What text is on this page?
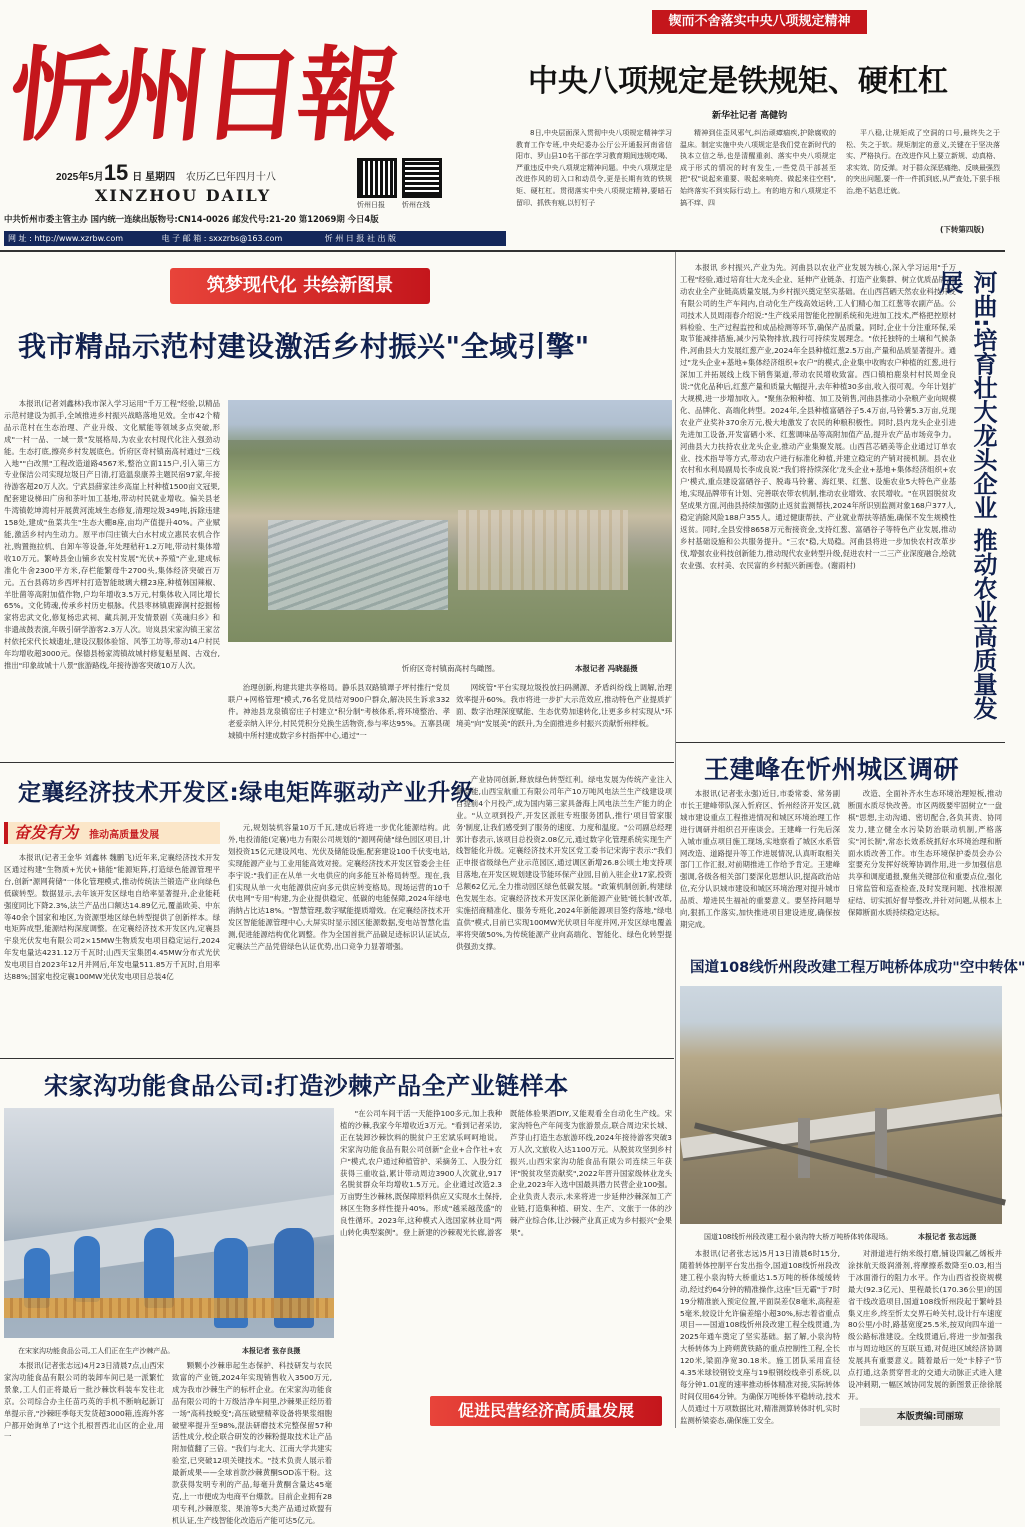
忻州日報
2025年5月15 日 星期四 农历乙巳年四月十八
XINZHOU DAILY	忻州日报 忻州在线
中共忻州市委主管主办 国内统一连续出版物号:CN14-0026 邮发代号:21-20 第12069期 今日4版
网 址 : http://www.xzrbw.com	电 子 邮 箱 : sxxzrbs@163.com	忻 州 日 报 社 出 版
锲而不舍落实中央八项规定精神
中央八项规定是铁规矩、硬杠杠
新华社记者 高健钧
8日,中央层面深入贯彻中央八项规定精神学习教育工作专班,中央纪委办公厅公开通报河南省信阳市、罗山县10名干部在学习教育期间违规吃喝、严重违反中央八项规定精神问题。中央八项规定是改进作风的切入口和动员令,更是长期有效的铁规矩、硬杠杠。贯彻落实中央八项规定精神,要暗石留印、抓铁有痕,以钉钉子
精神到住歪风邪气,纠治顽瘴痼疾,护除腐败的温床。制定实施中央八项规定是我们党在新时代的执本立信之举,也是清醒重刹、落实中央八项规定成于形式的情况的时有发生,一些党员干部甚至把"权"说起来重要、吸起来响亮、做起来往空档",始终落实不到实际行动上。有的地方和八项规定不搞不痒、四
平八稳,让规矩成了空洞的口号,最终失之于松、失之于软。规矩制定的意义,关键在于坚决落实、严格执行。在改进作风上要立新规、动真格、求实效、防反弹。对于群众深恶痛绝、反映最强烈的突出问题,要一件一件抓到底,从严查处,下狠手根治,绝不姑息迁就。
(下转第四版)
筑梦现代化 共绘新图景
我市精品示范村建设激活乡村振兴"全域引擎"
本报讯(记者刘鑫林)我市深入学习运用"千万工程"经验,以精品示范村建设为抓手,全域推进乡村振兴战略落地见效。全市42个精品示范村在生态治理、产业升级、文化赋能等领域多点突破,形成"一村一品、一域一景"发展格局,为农业农村现代化注入强劲动能。生态打底,擦亮乡村发展底色。忻府区奇村镇南高村通过"三线入地""白改黑"工程改造道路4567米,整治立面115户,引入第三方专业保洁公司实现垃圾日产日清,打造温泉康养主题民宿97家,年接待游客超20万人次。宁武县薛家洼乡高崖上村种植1500亩文冠果,配套建设梯田广房和茶叶加工基地,带动村民就业增收。偏关县老牛湾镇乾坤湾村开展黄河流域生态修复,清理垃圾349吨,拆除违建158处,建成"鱼菜共生"生态大棚8座,亩均产值提升40%。产业赋能,激活乡村内生动力。原平市闫庄镇大白水村成立惠民农机合作社,购置拖拉机、自卸车等设备,年处理秸秆1.2万吨,带动村集体增收10万元。繁峙县金山铺乡农发村发展"光伏+养殖"产业,建成标准化牛舍2300平方米,存栏能繁母牛2700头,集体经济突破百万元。五台县蒋坊乡西坪村打造智能玻璃大棚23座,种植韩国辣椒、羊肚菌等高附加值作物,户均年增收3.5万元,村集体收入同比增长65%。文化铸魂,传承乡村历史根脉。代县枣林镇鹿蹄涧村挖掘杨家将忠武文化,修复杨忠武祠、藏兵洞,开发情景剧《英魂归乡》和非遗战鼓表演,年吸引研学游客2.3万人次。岢岚县宋家沟镇王家岔村依托宋代长城遗址,建设汉服体验馆、风筝工坊等,带动14户村民年均增收超3000元。保德县杨家湾镇故城村修复魁星阁、古戏台,推出"印象故城十八景"旅游路线,年接待游客突破10万人次。	忻府区奇村镇南高村鸟瞰图。	本报记者 冯晓磊摄
治理创新,构建共建共享格局。静乐县双路镇谭子坪村推行"党员联户+网格管理"模式,76名党员结对900户群众,解决民生诉求332件。神池县龙泉镇窑庄子村建立"积分制"考核体系,将环境整治、孝老爱亲纳入评分,村民凭积分兑换生活物资,参与率达95%。五寨县砚城镇中所村建成数字乡村指挥中心,通过"一
网统管"平台实现垃圾投放扫码溯源、矛盾纠纷线上调解,治理效率提升60%。我市将进一步扩大示范效应,推动特色产业提质扩面、数字治理深度赋能、生态优势加速转化,让更多乡村实现从"环境美"向"发展美"的跃升,为全面推进乡村振兴贡献忻州样板。
本报讯 乡村振兴,产业为先。河曲县以农业产业发展为核心,深入学习运用"千万工程"经验,通过培育壮大龙头企业、延伸产业链条、打造产业集群、树立优质品牌,推动农业全产业链高质量发展,为乡村振兴奠定坚实基础。在山西莒硒天然农业科技开发有限公司的生产车间内,自动化生产线高效运转,工人们精心加工红葱等农副产品。公司技术人员周雨春介绍说:"生产线采用智能化控制系统和先进加工技术,严格把控原材料检验、生产过程监控和成品检测等环节,确保产品质量。同时,企业十分注重环保,采取节能减排措施,减少污染物排放,践行可持续发展理念。"依托独特的土壤和气候条件,河曲县大力发展红葱产业,2024年全县种植红葱2.5万亩,产量和品质显著提升。通过"龙头企业+基地+集体经济组织+农户"的模式,企业集中收购农户种植的红葱,进行深加工并拓展线上线下销售渠道,带动农民增收致富。西口镇柏鹿泉村村民周金良说:"优化品种后,红葱产量和质量大幅提升,去年种植30多亩,收入很可观。今年计划扩大规模,进一步增加收入。"聚焦杂粮种植、加工及销售,河曲县推动小杂粮产业向规模化、品牌化、高端化转型。2024年,全县种植富硒谷子5.4万亩,马铃薯5.3万亩,兑现农业产业奖补370余万元,极大地激发了农民的种粮积极性。同时,县内龙头企业引进先进加工设备,开发富硒小米、红葱调味品等高附加值产品,提升农产品市场竞争力。河曲县大力扶持农业龙头企业,推动产业集聚发展。山西莒芯硒美等企业通过订单农业、技术指导等方式,带动农户进行标准化种植,并建立稳定的产销对接机制。县农业农村和水利局副局长李成良说:"我们将持续深化'龙头企业+基地+集体经济组织+农户'模式,重点建设富硒谷子、脱毒马铃薯、海红果、红葱、设施农业5大特色产业基地,实现品牌带有计划、完善联农带农机制,推动农业增效、农民增收。"在巩固脱贫攻坚成果方面,河曲县持续加强防止返贫监测帮扶,2024年所识别监测对象168户377人,稳定消除风险188户355人。通过健康帮扶、产业就业帮扶等措施,确保不发生规模性返贫。同时,全县安排8658万元衔接资金,支持红葱、富硒谷子等特色产业发展,推动乡村基础设施和公共服务提升。"三农"稳,大局稳。河曲县将进一步加快农村改革步伐,增强农业科技创新能力,推动现代农业转型升级,促进农村一二三产业深度融合,绘就农业强、农村美、农民富的乡村振兴新画卷。(谢雨村)	河曲:培育壮大龙头企业 推动农业高质量发展
王建峰在忻州城区调研
本报讯(记者张永强)近日,市委常委、常务副市长王建峰带队深入忻府区、忻州经济开发区,就城市建设重点工程推进情况和城区环境治理工作进行调研并组织召开座谈会。王建峰一行先后深入城市重点项目施工现场,实地察看了城区水系管网改造、道路提升等工作进展情况,认真听取相关部门工作汇报,对前期推进工作给予肯定。王建峰强调,各级各相关部门要深化思想认识,提高政治站位,充分认识城市建设和城区环境治理对提升城市品质、增进民生福祉的重要意义。要坚持问题导向,狠抓工作落实,加快推进项目建设进度,确保按期完成。
改造、全面补齐水生态环境治理短板,推动断面水质尽快改善。市区两级要牢固树立"一盘棋"思想,主动沟通、密切配合,各负其责、协同发力,建立健全水污染防治联动机制,严格落实"河长制",常态长效系统抓好水环境治理和断面水质改善工作。市生态环境保护委员会办公室要充分发挥好统筹协调作用,进一步加强信息共享和调度通报,聚焦关键部位和重要点位,强化日常监管和巡查检查,及时发现问题、找准根源症结、切实抓好督导整改,并针对问题,从根本上保障断面水质持续稳定达标。
定襄经济技术开发区:绿电矩阵驱动产业升级
奋发有为 推动高质量发展
本报讯(记者王金华 刘鑫林 魏鹏飞)近年来,定襄经济技术开发区通过构建"生物质+光伏+储能"能源矩阵,打造绿色能源管理平台,创新"源网荷储"一体化管理模式,推动传统法兰锻造产业向绿色低碳转型。数据显示,去年该开发区绿电自给率显著提升,企业能耗强度同比下降2.3%,法兰产品出口额达14.89亿元,覆盖欧美、中东等40余个国家和地区,为资源型地区绿色转型提供了创新样本。绿电矩阵成型,能源结构深度调整。在定襄经济技术开发区内,定襄县宇泉光伏发电有限公司2×15MW生物质发电项目稳定运行,2024年发电量达4231.12万千瓦时;山西天宝集团4.45MW分布式光伏发电项目自2023年12月并网后,年发电量511.85万千瓦时,自用率达88%;国家电投定襄100MW光伏发电项目总装4亿
元,规划装机容量10万千瓦,建成后将进一步优化能源结构。此外,电投清能(定襄)电力有限公司规划的"源网荷储"绿色园区项目,计划投资15亿元建设风电、光伏及储能设施,配套建设100千伏变电站,实现能源产业与工业用能高效对接。定襄经济技术开发区管委会主任李宇说:"我们正在从单一火电供应的向多能互补格局转型。现在,我们实现从单一火电能源供应向多元供应转变格局。现场运营的10千伏电网"专用"构建,为企业提供稳定、低碳的电能保障,2024年绿电消纳占比达18%。"智慧管理,数字赋能提质增效。在定襄经济技术开发区智能能源管理中心,大屏实时显示园区能源数据,变电站智慧化监测,促进能源结构优化调整。作为全国首批产品碳足迹标识认证试点,定襄法兰产品凭借绿色认证优势,出口竞争力显著增强。
产业协同创新,释放绿色转型红利。绿电发展为传统产业注入新动能,山西宝航重工有限公司年产10万吨风电法兰生产线建设项目提前4个月投产,成为国内第三家具备海上风电法兰生产能力的企业。"从立项到投产,开发区派驻专班服务团队,推行'项目管家服务'制度,让我们感受到了服务的速度、力度和温度。"公司副总经理郭计春表示,该项目总投资2.08亿元,通过数字化管理系统实现生产线智能化升级。定襄经济技术开发区党工委书记宋海宇表示:"我们正申报省级绿色产业示范园区,通过调区新增26.8公顷土地支持项目落地,在开发区规划建设节能环保产业园,目前入驻企业17家,投资总额62亿元,全力推动园区绿色低碳发展。"政策机制创新,构建绿色发展生态。定襄经济技术开发区深化新能源产业链'链长制'改革,实施招商精准化、服务专班化,2024年新能源项目签约落地,"绿电直供"模式,目前已实现100MW光伏项目年度并网,开发区绿电覆盖率将突破50%,为传统能源产业向高端化、智能化、绿色化转型提供强劲支撑。
国道108线忻州段改建工程万吨桥体成功"空中转体"
国道108线忻州段改建工程小泉沟特大桥万吨桥体转体现场。	本报记者 张志远摄
本报讯(记者张志远)5月13日清晨6时15分,随着转体控制平台发出指令,国道108线忻州段改建工程小泉沟特大桥重达1.5万吨的桥体缓缓转动,经过约64分钟的精准操作,这座"巨无霸"于7时19分精准嵌入预定位置,平面误差仅8毫米,高程差5毫米,较设计允许偏差缩小超30%,标志着省重点项目——国道108线忻州段改建工程全线贯通,为2025年通车奠定了坚实基础。据了解,小泉沟特大桥转体为上跨朔黄铁路的重点控制性工程,全长120米,梁面净宽30.18米。施工团队采用直径4.35米球铰钢铰支座与19根钢绞线牵引系统,以每分钟1.01度的速率推动桥体精准对接,实际转体时间仅用64分钟。为确保万吨桥体平稳转动,技术人员通过十万项数据比对,精准测算转体时机,实时监测桥梁姿态,确保施工安全。
对滑道进行纳米级打磨,铺设四氟乙烯板并涂抹航天级润滑剂,将摩擦系数降至0.03,相当于冰面滑行的阻力水平。作为山西省投资规模最大(92.3亿元)、里程最长(170.36公里)的国省干线改造项目,国道108线忻州段起于繁峙县集义庄乡,终至忻太交界石岭关村,设计行车速度80公里/小时,路基宽度25.5米,按双向四车道一级公路标准建设。全线贯通后,将进一步加强我市与周边地区的互联互通,对促进区域经济协调发展具有重要意义。随着最后一处"卡脖子"节点打通,这条贯穿晋北的交通大动脉正式进入建设冲刺期,一幅区域协同发展的新图景正徐徐展开。
本版责编:司丽琼
宋家沟功能食品公司:打造沙棘产品全产业链样本
在宋家沟功能食品公司,工人们正在生产沙棘产品。	本报记者 张存良摄
本报讯(记者张志远)4月23日清晨7点,山西宋家沟功能食品有限公司的装卸车间已是一派繁忙景象,工人们正将最后一批沙棘饮料装车发往北京。公司综合办主任苗巧英的手机不断响起新订单提示音,"沙棘旺季每天发货超3000箱,连海外客户都开始询单了!"这个扎根晋西北山区的企业,用一
颗颗小沙棘串起生态保护、科技研发与农民致富的产业链,2024年实现销售收入3500万元,成为我市沙棘生产的标杆企业。在宋家沟功能食品有限公司的十万级洁净车间里,沙棘果正经历着一场"高科技蜕变";高压破壁精萃设备将果浆细胞破壁率提升至98%,混法研磨技术完整保留57种活性成分,校企联合研发的沙棘粉提取技术让产品附加值翻了三倍。"我们与北大、江南大学共建实验室,已突破12项关键技术。"技术负责人展示着最新成果——全球首款沙棘黄酮SOD冻干粉。这款获得发明专利的产品,每毫升黄酮含量达45毫克,上一市便成为电商平台爆款。目前企业拥有28项专利,沙棘原浆、果油等5大类产品通过欧盟有机认证,生产线智能化改造后产能可达5亿元。
"在公司车间干活一天能挣100多元,加上我种植的沙棘,我家今年增收近3万元。"看到记者采访,正在装卸沙棘饮料的脱贫户王宏斌乐呵呵地说。宋家沟功能食品有限公司创新"企业+合作社+农户"模式,农户通过种植管护、采摘务工、入股分红获得三重收益,累计带动周边3900人次就业,917名脱贫群众年均增收1.5万元。企业通过改造2.3万亩野生沙棘林,既保障原料供应又实现水土保持,林区生物多样性提升40%。形成"越采越茂盛"的良性循环。2023年,这种模式入选国家林业局"两山转化典型案例"。登上新建的沙棘观光长廊,游客既能体验果酒DIY,又能观看全自动化生产线。宋家沟特色产年间变为旅游景点,联合周边宋长城、芦芽山打造生态旅游环线,2024年接待游客突破3万人次,文旅收入达1100万元。从脱贫攻坚到乡村振兴,山西宋家沟功能食品有限公司连续三年获评"脱贫攻坚贡献奖",2022年晋升国家级林业龙头企业,2023年入选中国最具潜力民营企业100强。企业负责人表示,未来将进一步延伸沙棘深加工产业链,打造集种植、研发、生产、文旅于一体的沙棘产业综合体,让沙棘产业真正成为乡村振兴"金果果"。
促进民营经济高质量发展
